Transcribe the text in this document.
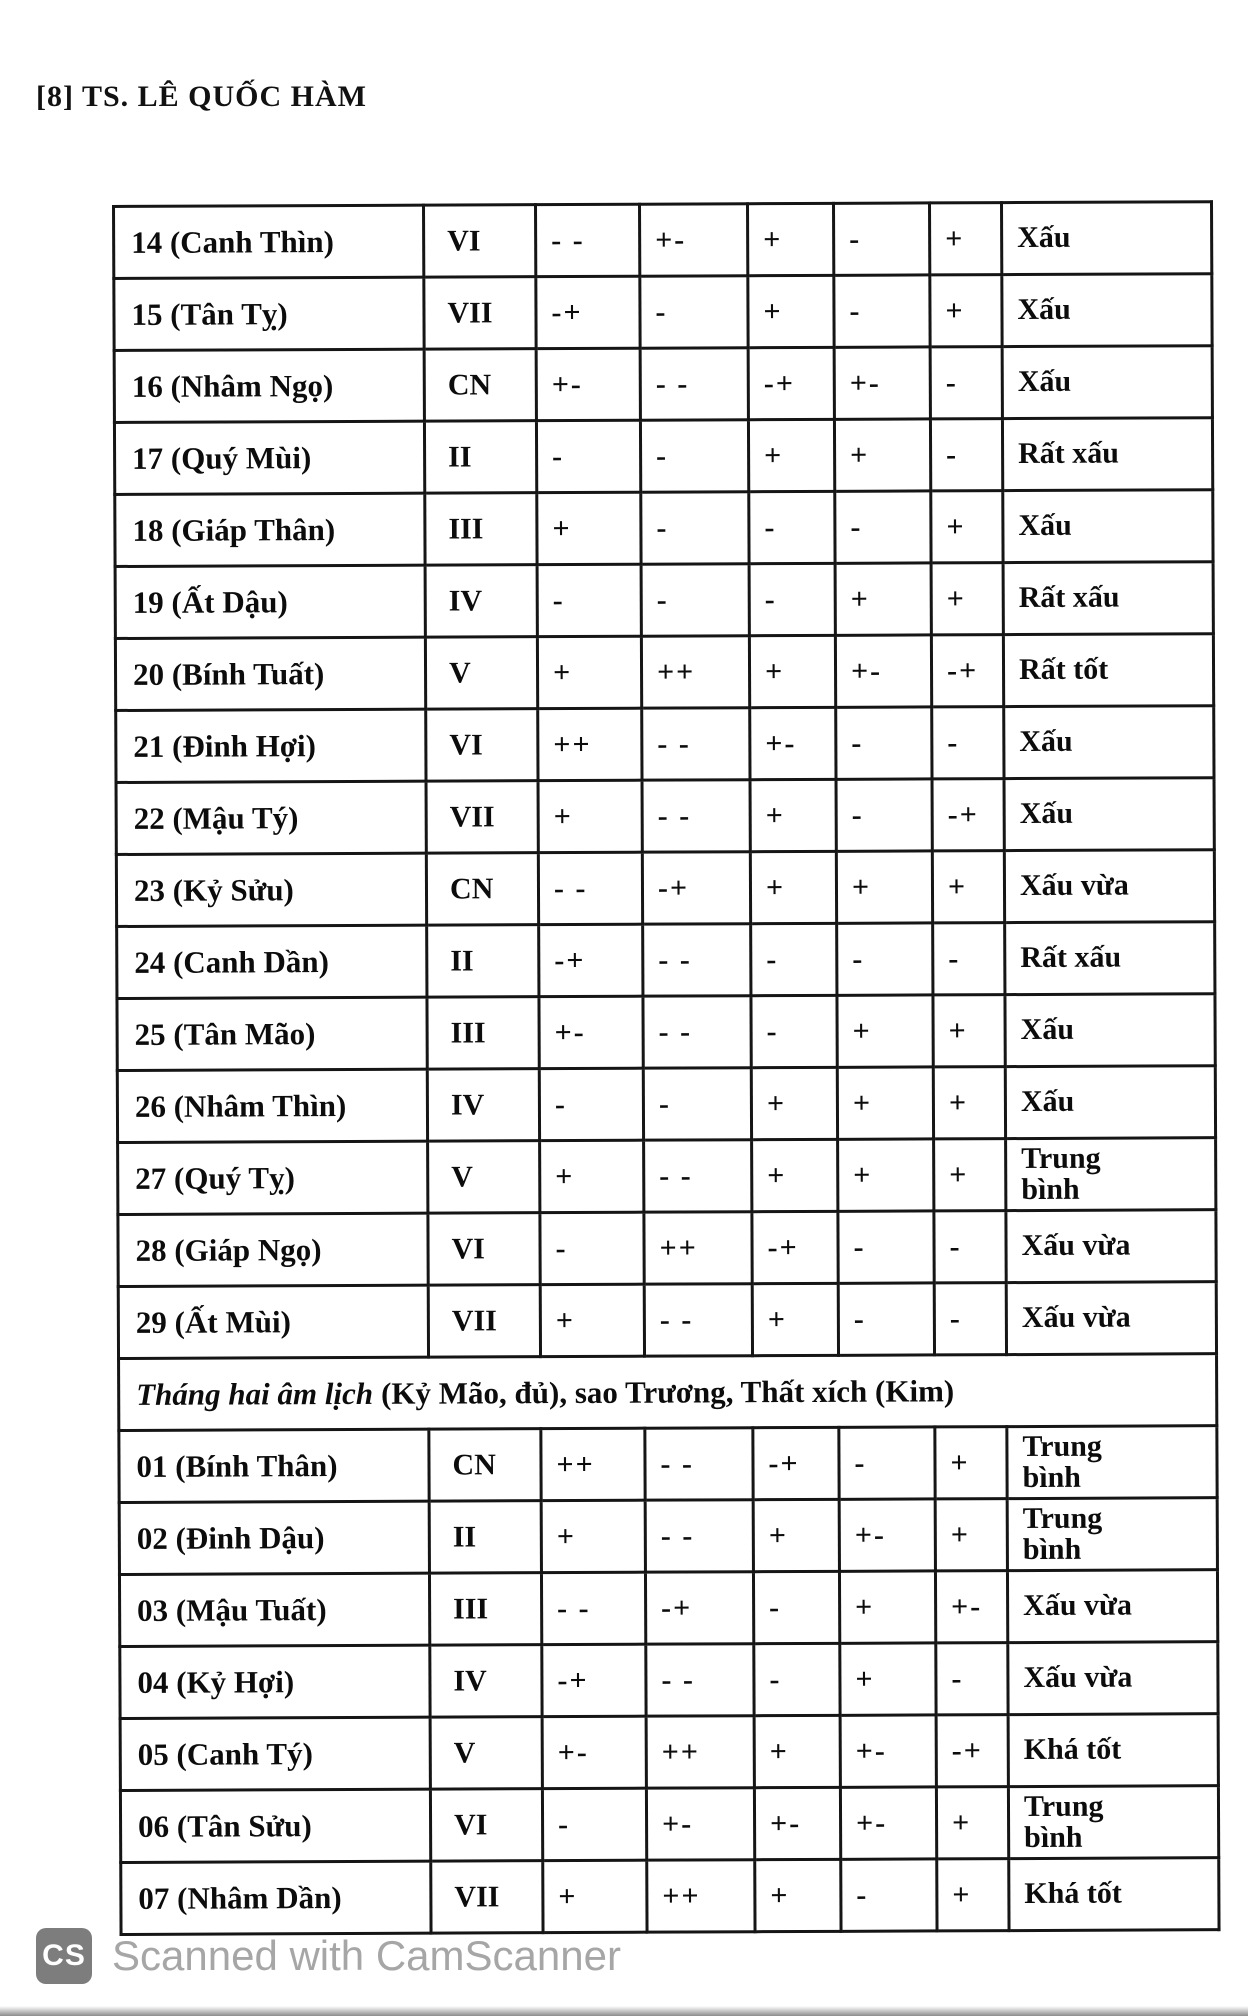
[8] TS. LÊ QUỐC HÀM
14 (Canh Thìn)	VI	- -	+-	+	-	+	Xấu
15 (Tân Tỵ)	VII	-+	-	+	-	+	Xấu
16 (Nhâm Ngọ)	CN	+-	- -	-+	+-	-	Xấu
17 (Quý Mùi)	II	-	-	+	+	-	Rất xấu
18 (Giáp Thân)	III	+	-	-	-	+	Xấu
19 (Ất Dậu)	IV	-	-	-	+	+	Rất xấu
20 (Bính Tuất)	V	+	++	+	+-	-+	Rất tốt
21 (Đinh Hợi)	VI	++	- -	+-	-	-	Xấu
22 (Mậu Tý)	VII	+	- -	+	-	-+	Xấu
23 (Kỷ Sửu)	CN	- -	-+	+	+	+	Xấu vừa
24 (Canh Dần)	II	-+	- -	-	-	-	Rất xấu
25 (Tân Mão)	III	+-	- -	-	+	+	Xấu
26 (Nhâm Thìn)	IV	-	-	+	+	+	Xấu
27 (Quý Tỵ)	V	+	- -	+	+	+	Trung
bình
28 (Giáp Ngọ)	VI	-	++	-+	-	-	Xấu vừa
29 (Ất Mùi)	VII	+	- -	+	-	-	Xấu vừa
Tháng hai âm lịch (Kỷ Mão, đủ), sao Trương, Thất xích (Kim)							
01 (Bính Thân)	CN	++	- -	-+	-	+	Trung
bình
02 (Đinh Dậu)	II	+	- -	+	+-	+	Trung
bình
03 (Mậu Tuất)	III	- -	-+	-	+	+-	Xấu vừa
04 (Kỷ Hợi)	IV	-+	- -	-	+	-	Xấu vừa
05 (Canh Tý)	V	+-	++	+	+-	-+	Khá tốt
06 (Tân Sửu)	VI	-	+-	+-	+-	+	Trung
bình
07 (Nhâm Dần)	VII	+	++	+	-	+	Khá tốt
CS Scanned with CamScanner
